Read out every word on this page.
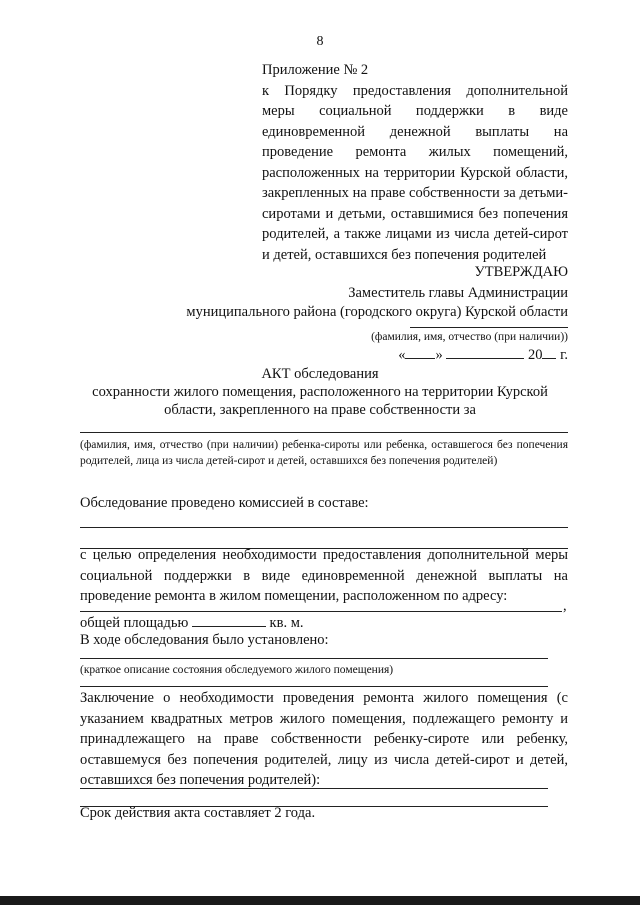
8
Приложение № 2
к Порядку предоставления дополнительной меры социальной поддержки в виде единовременной денежной выплаты на проведение ремонта жилых помещений, расположенных на территории Курской области, закрепленных на праве собственности за детьми-сиротами и детьми, оставшимися без попечения родителей, а также лицами из числа детей-сирот и детей, оставшихся без попечения родителей
УТВЕРЖДАЮ
Заместитель главы Администрации
муниципального района (городского округа) Курской области
(фамилия, имя, отчество (при наличии))
« »	20 г.
АКТ обследования
сохранности жилого помещения, расположенного на территории Курской
области, закрепленного на праве собственности за
(фамилия, имя, отчество (при наличии) ребенка-сироты или ребенка, оставшегося без попечения родителей, лица из числа детей-сирот и детей, оставшихся без попечения родителей)
Обследование проведено комиссией в составе:
с целью определения необходимости предоставления дополнительной меры социальной поддержки в виде единовременной денежной выплаты на проведение ремонта в жилом помещении, расположенном по адресу:
,
общей площадью	кв. м.
В ходе обследования было установлено:
(краткое описание состояния обследуемого жилого помещения)
Заключение о необходимости проведения ремонта жилого помещения (с указанием квадратных метров жилого помещения, подлежащего ремонту и принадлежащего на праве собственности ребенку-сироте или ребенку, оставшемуся без попечения родителей, лицу из числа детей-сирот и детей, оставшихся без попечения родителей):
Срок действия акта составляет 2 года.
